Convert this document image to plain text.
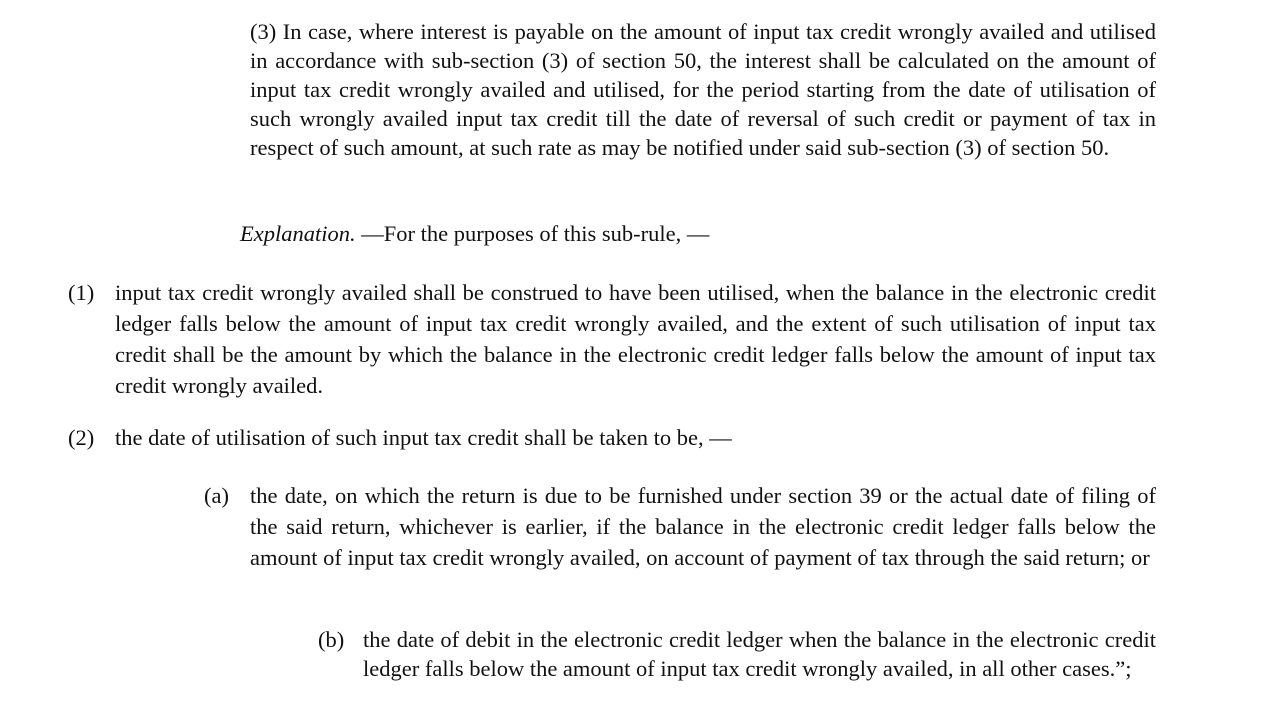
(3) In case, where interest is payable on the amount of input tax credit wrongly availed and utilised in accordance with sub-section (3) of section 50, the interest shall be calculated on the amount of input tax credit wrongly availed and utilised, for the period starting from the date of utilisation of such wrongly availed input tax credit till the date of reversal of such credit or payment of tax in respect of such amount, at such rate as may be notified under said sub-section (3) of section 50.

Explanation. —For the purposes of this sub-rule, —

(1) input tax credit wrongly availed shall be construed to have been utilised, when the balance in the electronic credit ledger falls below the amount of input tax credit wrongly availed, and the extent of such utilisation of input tax credit shall be the amount by which the balance in the electronic credit ledger falls below the amount of input tax credit wrongly availed.
(2) the date of utilisation of such input tax credit shall be taken to be, —
(a) the date, on which the return is due to be furnished under section 39 or the actual date of filing of the said return, whichever is earlier, if the balance in the electronic credit ledger falls below the amount of input tax credit wrongly availed, on account of payment of tax through the said return; or
(b) the date of debit in the electronic credit ledger when the balance in the electronic credit ledger falls below the amount of input tax credit wrongly availed, in all other cases.”;
